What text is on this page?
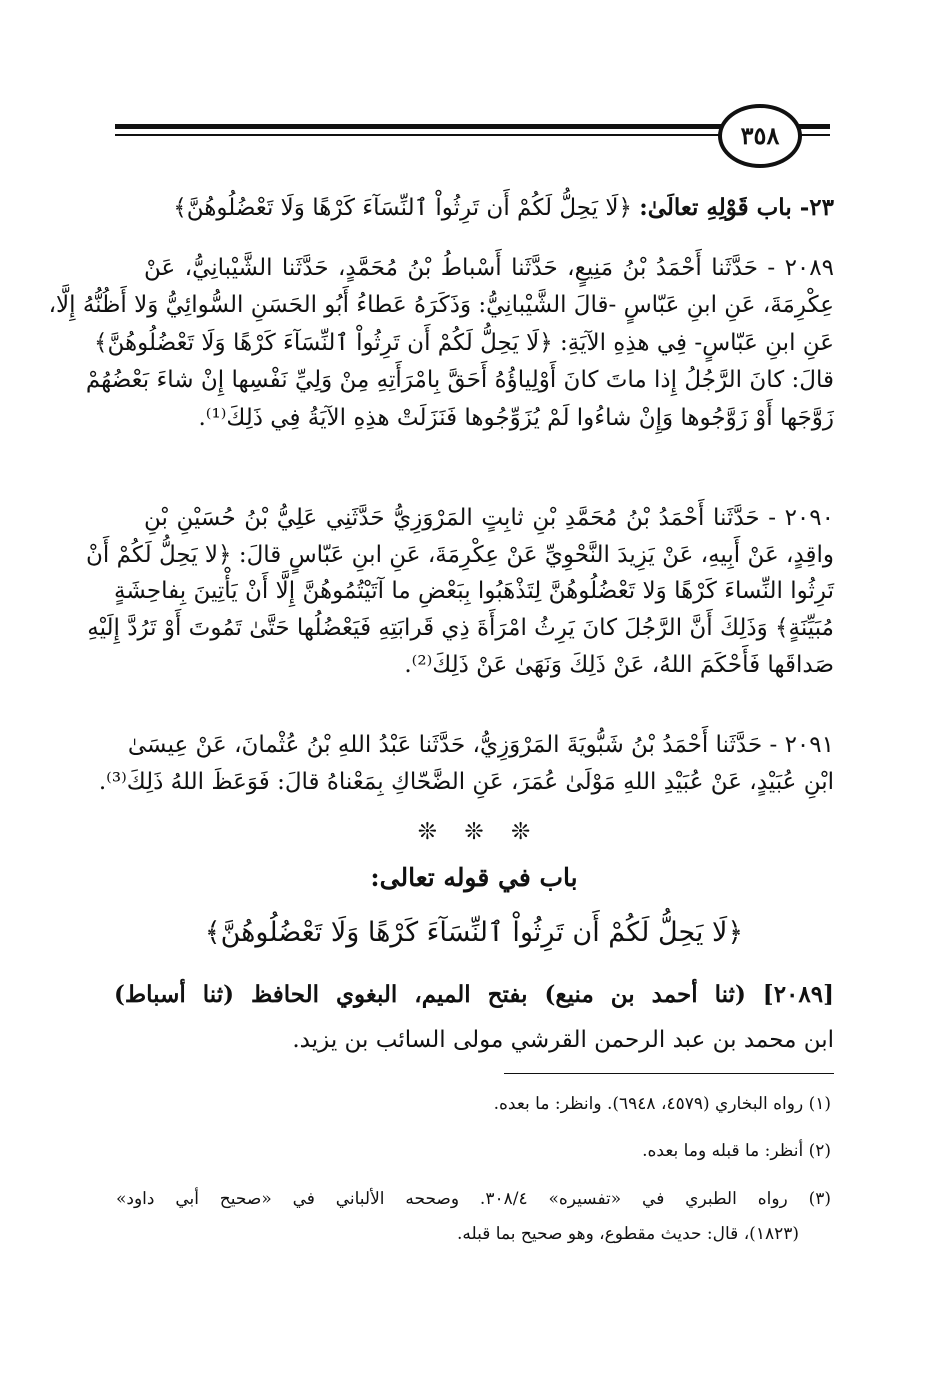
٣٥٨
٢٣- باب قَوْلِهِ تعالَىٰ: ﴿لَا يَحِلُّ لَكُمْ أَن تَرِثُواْ ٱلنِّسَآءَ كَرْهًا وَلَا تَعْضُلُوهُنَّ﴾
٢٠٨٩ - حَدَّثَنا أَحْمَدُ بْنُ مَنِيعٍ، حَدَّثَنا أَسْباطُ بْنُ مُحَمَّدٍ، حَدَّثَنا الشَّيْبانِيُّ، عَنْ
عِكْرِمَةَ، عَنِ ابنِ عَبّاسٍ -قالَ الشَّيْبانِيُّ: وَذَكَرَهُ عَطاءُ أَبُو الحَسَنِ السُّوائِيُّ وَلا أَظُنُّهُ إِلَّا،
عَنِ ابنِ عَبّاسٍ- فِي هذِهِ الآيَةِ: ﴿لَا يَحِلُّ لَكُمْ أَن تَرِثُواْ ٱلنِّسَآءَ كَرْهًا وَلَا تَعْضُلُوهُنَّ﴾
قالَ: كانَ الرَّجُلُ إِذا ماتَ كانَ أَوْلِياؤُهُ أَحَقَّ بِامْرَأَتِهِ مِنْ وَلِيِّ نَفْسِها إِنْ شاءَ بَعْضُهُمْ
زَوَّجَها أَوْ زَوَّجُوها وَإِنْ شاءُوا لَمْ يُزَوِّجُوها فَنَزَلَتْ هذِهِ الآيَةُ فِي ذَلِكَ⁽¹⁾.
٢٠٩٠ - حَدَّثَنا أَحْمَدُ بْنُ مُحَمَّدِ بْنِ ثابِتٍ المَرْوَزِيُّ حَدَّثَنِي عَلِيُّ بْنُ حُسَيْنِ بْنِ
واقِدٍ، عَنْ أَبِيهِ، عَنْ يَزِيدَ النَّحْوِيِّ عَنْ عِكْرِمَةَ، عَنِ ابنِ عَبّاسٍ قالَ: ﴿لا يَحِلُّ لَكُمْ أَنْ
تَرِثُوا النِّساءَ كَرْهًا وَلا تَعْضُلُوهُنَّ لِتَذْهَبُوا بِبَعْضِ ما آتَيْتُمُوهُنَّ إِلَّا أَنْ يَأْتِينَ بِفاحِشَةٍ
مُبَيِّنَةٍ﴾ وَذَلِكَ أَنَّ الرَّجُلَ كانَ يَرِثُ امْرَأَةَ ذِي قَرابَتِهِ فَيَعْضُلُها حَتَّىٰ تَمُوتَ أَوْ تَرُدَّ إِلَيْهِ
صَداقَها فَأَحْكَمَ اللهُ، عَنْ ذَلِكَ وَنَهَىٰ عَنْ ذَلِكَ⁽²⁾.
٢٠٩١ - حَدَّثَنا أَحْمَدُ بْنُ شَبُّويَةَ المَرْوَزِيُّ، حَدَّثَنا عَبْدُ اللهِ بْنُ عُثْمانَ، عَنْ عِيسَىٰ
ابْنِ عُبَيْدٍ، عَنْ عُبَيْدِ اللهِ مَوْلَىٰ عُمَرَ، عَنِ الضَّحّاكِ بِمَعْناهُ قالَ: فَوَعَظَ اللهُ ذَلِكَ⁽³⁾.
❊ ❊ ❊
باب في قوله تعالى:
﴿لَا يَحِلُّ لَكُمْ أَن تَرِثُواْ ٱلنِّسَآءَ كَرْهًا وَلَا تَعْضُلُوهُنَّ﴾
[٢٠٨٩] (ثنا أحمد بن منيع) بفتح الميم، البغوي الحافظ (ثنا أسباط)
ابن محمد بن عبد الرحمن القرشي مولى السائب بن يزيد.
(١) رواه البخاري (٤٥٧٩، ٦٩٤٨). وانظر: ما بعده.
(٢) أنظر: ما قبله وما بعده.
(٣) رواه الطبري في «تفسيره» ٣٠٨/٤. وصححه الألباني في «صحيح أبي داود»
(١٨٢٣)، قال: حديث مقطوع، وهو صحيح بما قبله.
